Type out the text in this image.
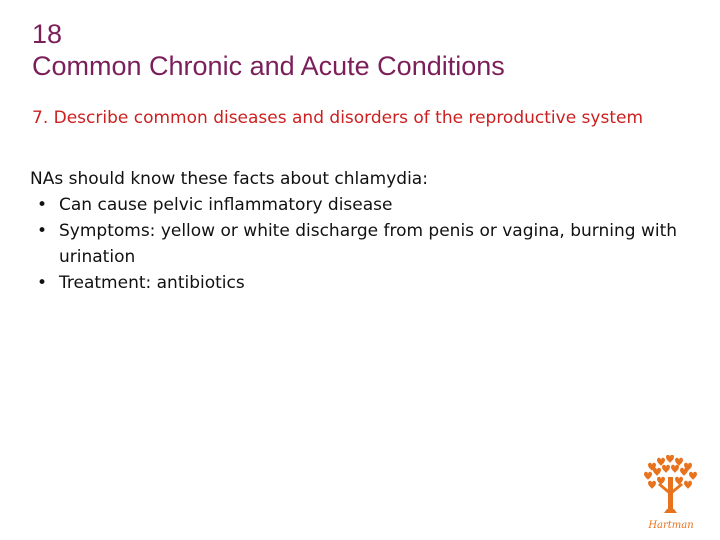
18
Common Chronic and Acute Conditions
7. Describe common diseases and disorders of the reproductive system

NAs should know these facts about chlamydia:

• Can cause pelvic inflammatory disease
• Symptoms: yellow or white discharge from penis or vagina, burning with urination
• Treatment: antibiotics
Hartman
